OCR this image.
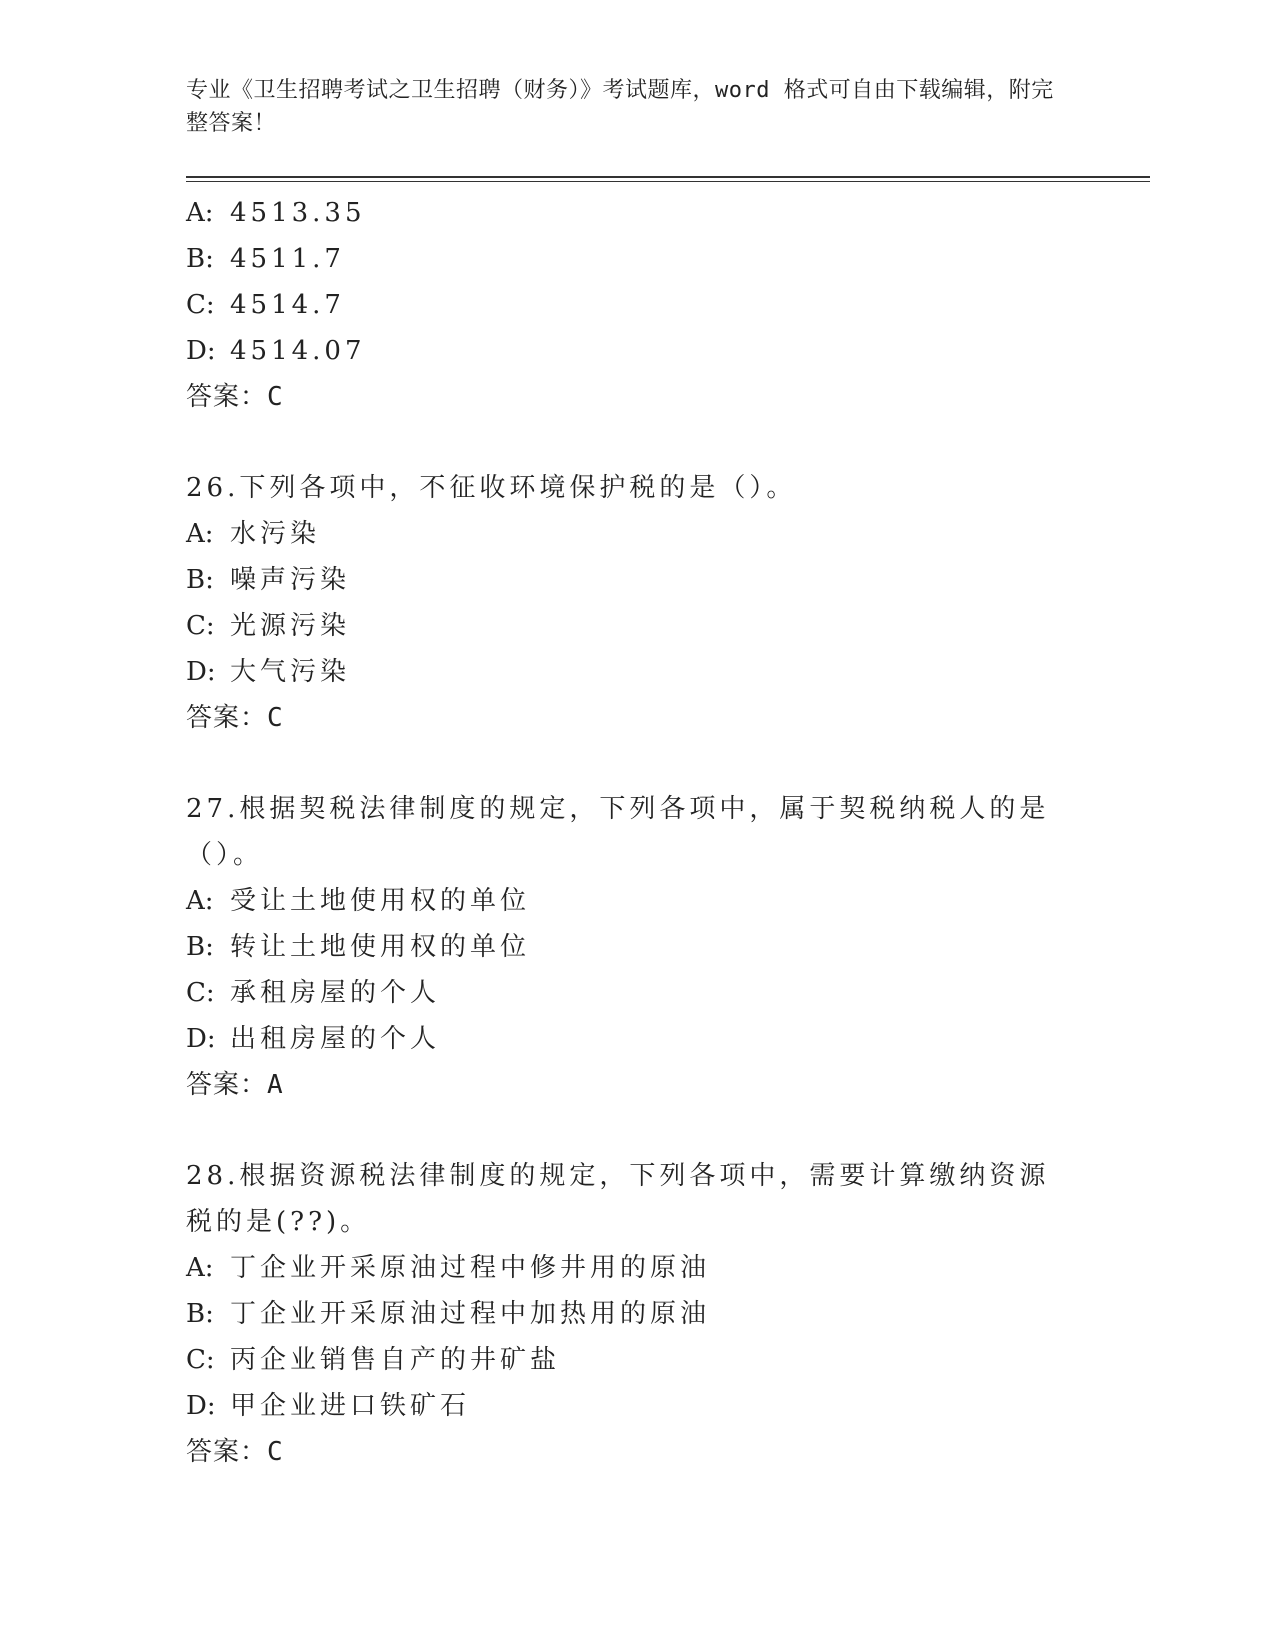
专业《卫生招聘考试之卫生招聘（财务）》考试题库，word 格式可自由下载编辑，附完整答案！
A: 4513.35
B: 4511.7
C: 4514.7
D: 4514.07
答案：C
26.下列各项中，不征收环境保护税的是（）。
A: 水污染
B: 噪声污染
C: 光源污染
D: 大气污染
答案：C
27.根据契税法律制度的规定，下列各项中，属于契税纳税人的是（）。
A: 受让土地使用权的单位
B: 转让土地使用权的单位
C: 承租房屋的个人
D: 出租房屋的个人
答案：A
28.根据资源税法律制度的规定，下列各项中，需要计算缴纳资源税的是(??)。
A: 丁企业开采原油过程中修井用的原油
B: 丁企业开采原油过程中加热用的原油
C: 丙企业销售自产的井矿盐
D: 甲企业进口铁矿石
答案：C
